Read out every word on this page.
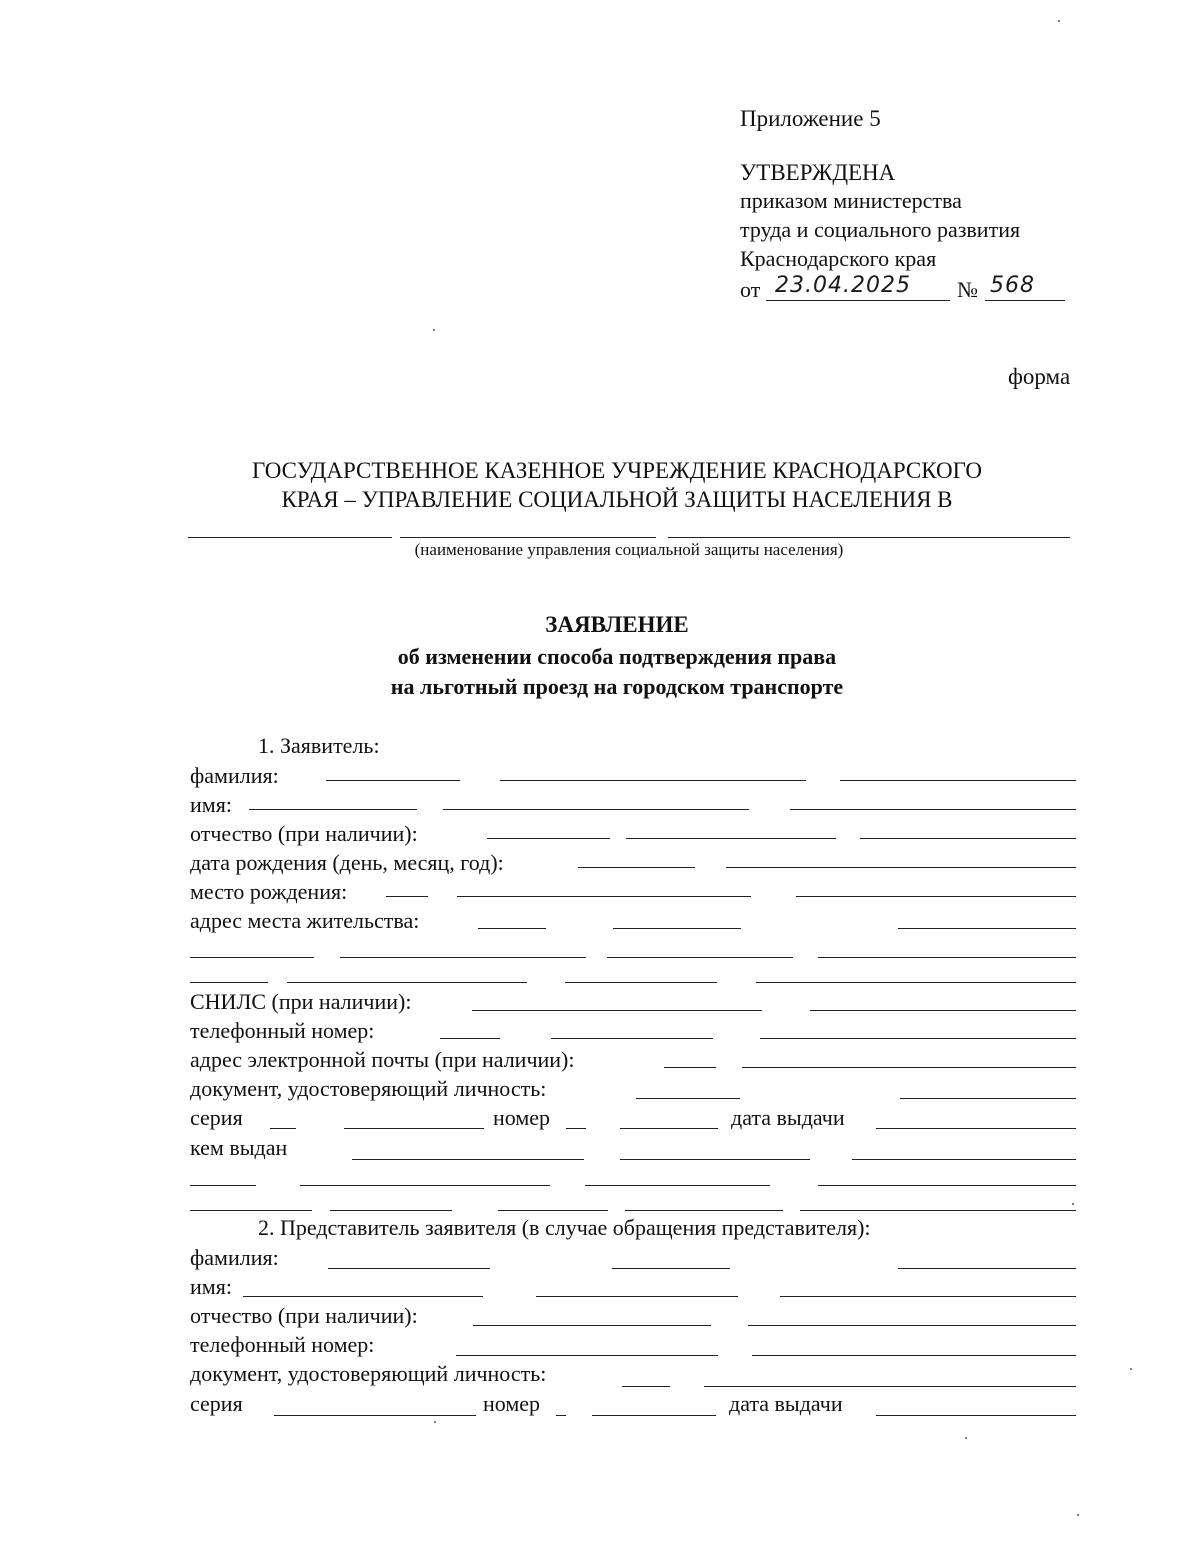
Приложение 5
УТВЕРЖДЕНА
приказом министерства
труда и социального развития
Краснодарского края
от 23.04.2025 № 568
форма
ГОСУДАРСТВЕННОЕ КАЗЕННОЕ УЧРЕЖДЕНИЕ КРАСНОДАРСКОГО
КРАЯ – УПРАВЛЕНИЕ СОЦИАЛЬНОЙ ЗАЩИТЫ НАСЕЛЕНИЯ В
(наименование управления социальной защиты населения)
ЗАЯВЛЕНИЕ
об изменении способа подтверждения права
на льготный проезд на городском транспорте
1. Заявитель:
фамилия:
имя:
отчество (при наличии):
дата рождения (день, месяц, год):
место рождения:
адрес места жительства:
СНИЛС (при наличии):
телефонный номер:
адрес электронной почты (при наличии):
документ, удостоверяющий личность:
серия	номер	дата выдачи
кем выдан
2. Представитель заявителя (в случае обращения представителя):
фамилия:
имя:
отчество (при наличии):
телефонный номер:
документ, удостоверяющий личность:
серия	номер	дата выдачи
